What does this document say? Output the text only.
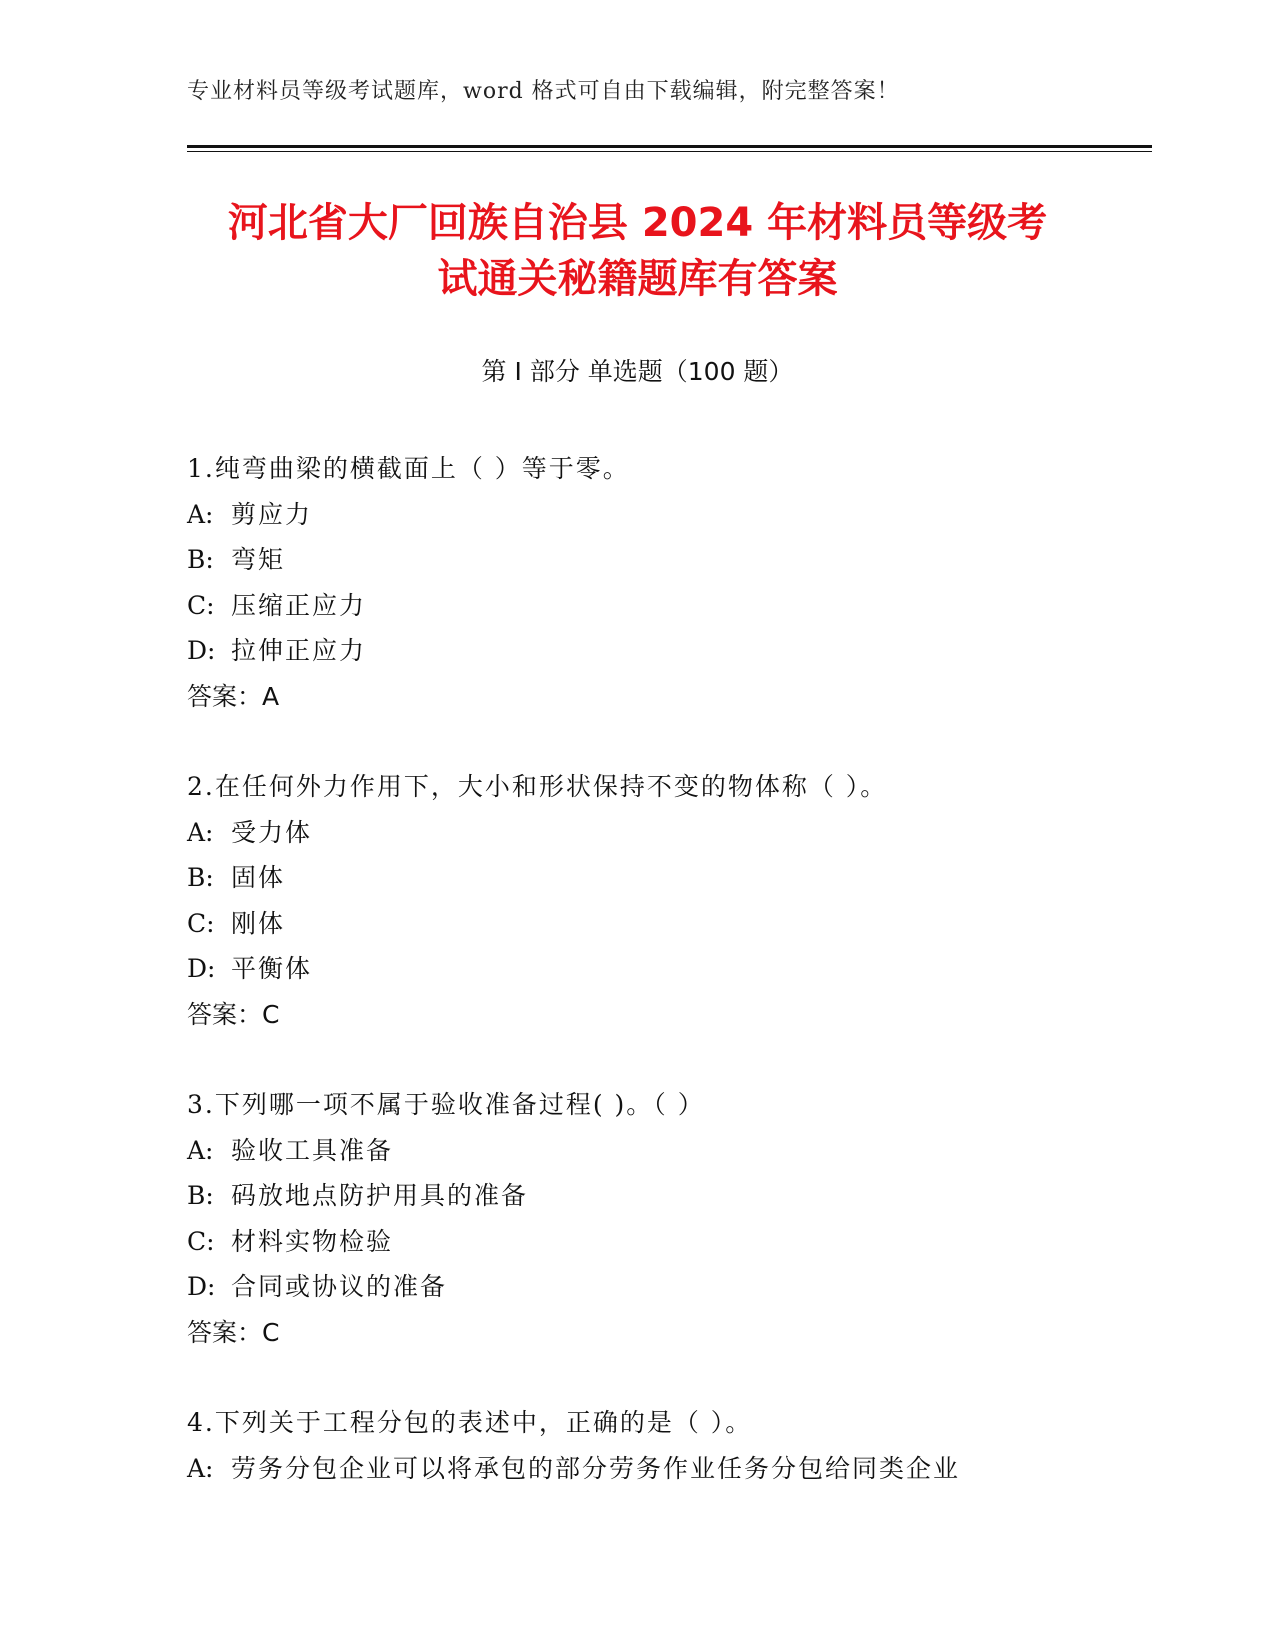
专业材料员等级考试题库，word 格式可自由下载编辑，附完整答案！
河北省大厂回族自治县 2024 年材料员等级考
试通关秘籍题库有答案
第 I 部分 单选题（100 题）
1.纯弯曲梁的横截面上（ ）等于零。
A: 剪应力
B: 弯矩
C: 压缩正应力
D: 拉伸正应力
答案：A
2.在任何外力作用下，大小和形状保持不变的物体称（ ）。
A: 受力体
B: 固体
C: 刚体
D: 平衡体
答案：C
3.下列哪一项不属于验收准备过程( )。（ ）
A: 验收工具准备
B: 码放地点防护用具的准备
C: 材料实物检验
D: 合同或协议的准备
答案：C
4.下列关于工程分包的表述中，正确的是（ ）。
A: 劳务分包企业可以将承包的部分劳务作业任务分包给同类企业
